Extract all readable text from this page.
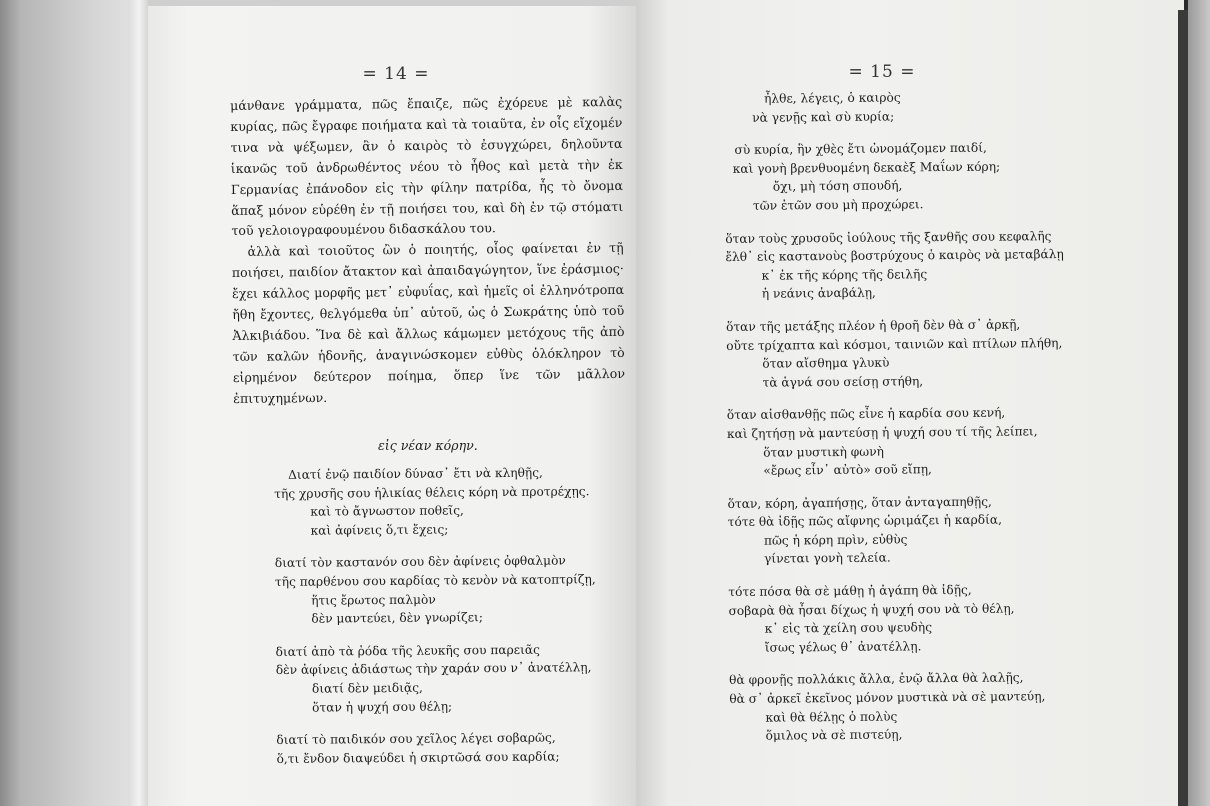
= 14 =

μάνθανε γράμματα, πῶς ἔπαιζε, πῶς ἐχόρευε μὲ καλὰς κυρίας, πῶς ἔγραφε ποιήματα καὶ τὰ τοιαῦτα, ἐν οἷς εἴχομέν τινα νὰ ψέξωμεν, ἂν ὁ καιρὸς τὸ ἐσυγχώρει, δηλοῦντα ἱκανῶς τοῦ ἀνδρωθέντος νέου τὸ ἦθος καὶ μετὰ τὴν ἐκ Γερμανίας ἐπάνοδον εἰς τὴν φίλην πατρίδα, ἧς τὸ ὄνομα ἅπαξ μόνον εὑρέθη ἐν τῇ ποιήσει του, καὶ δὴ ἐν τῷ στόματι τοῦ γελοιογραφουμένου διδασκάλου του.

ἀλλὰ καὶ τοιοῦτος ὢν ὁ ποιητής, οἷος φαίνεται ἐν τῇ ποιήσει, παιδίον ἄτακτον καὶ ἀπαιδαγώγητον, ἵνε ἐράσμιος· ἔχει κάλλος μορφῆς μετ᾽ εὐφυΐας, καὶ ἡμεῖς οἱ ἐλληνότροπα ἤθη ἔχοντες, θελγόμεθα ὑπ᾽ αὐτοῦ, ὡς ὁ Σωκράτης ὑπὸ τοῦ Ἀλκιβιάδου. Ἵνα δὲ καὶ ἄλλως κάμωμεν μετόχους τῆς ἀπὸ τῶν καλῶν ἡδονῆς, ἀναγινώσκομεν εὐθὺς ὁλόκληρον τὸ εἰρημένον δεύτερον ποίημα, ὅπερ ἵνε τῶν μᾶλλον ἐπιτυχημένων.

εἰς νέαν κόρην.
Διατί ἐνῷ παιδίον δύνασ᾽ ἔτι νὰ κληθῇς,
τῆς χρυσῆς σου ἡλικίας θέλεις κόρη νὰ προτρέχῃς.
καὶ τὸ ἄγνωστον ποθεῖς,
καὶ ἀφίνεις ὅ,τι ἔχεις;
διατί τὸν καστανόν σου δὲν ἀφίνεις ὀφθαλμὸν
τῆς παρθένου σου καρδίας τὸ κενὸν νὰ κατοπτρίζῃ,
ἥτις ἔρωτος παλμὸν
δὲν μαντεύει, δὲν γνωρίζει;
διατί ἀπὸ τὰ ῥόδα τῆς λευκῆς σου παρειᾶς
δὲν ἀφίνεις ἀδιάστως τὴν χαράν σου ν᾽ ἀνατέλλῃ,
διατί δὲν μειδιᾷς,
ὅταν ἡ ψυχή σου θέλῃ;
διατί τὸ παιδικόν σου χεῖλος λέγει σοβαρῶς,
ὅ,τι ἔνδον διαψεύδει ἡ σκιρτῶσά σου καρδία;
= 15 =
ἦλθε, λέγεις, ὁ καιρὸς
νὰ γενῇς καὶ σὺ κυρία;
σὺ κυρία, ἣν χθὲς ἔτι ὠνομάζομεν παιδί,
καὶ γονὴ βρενθυομένη δεκαὲξ Μαΐων κόρη;
ὄχι, μὴ τόση σπουδή,
τῶν ἐτῶν σου μὴ προχώρει.
ὅταν τοὺς χρυσοῦς ἰούλους τῆς ξανθῆς σου κεφαλῆς
ἔλθ᾽ εἰς καστανοὺς βοστρύχους ὁ καιρὸς νὰ μεταβάλῃ
κ᾽ ἐκ τῆς κόρης τῆς δειλῆς
ἡ νεάνις ἀναβάλῃ,
ὅταν τῆς μετάξης πλέον ἡ θροῆ δὲν θὰ σ᾽ ἀρκῇ,
οὔτε τρίχαπτα καὶ κόσμοι, ταινιῶν καὶ πτίλων πλήθη,
ὅταν αἴσθημα γλυκὺ
τὰ ἁγνά σου σείσῃ στήθη,
ὅταν αἰσθανθῇς πῶς εἶνε ἡ καρδία σου κενή,
καὶ ζητήσῃ νὰ μαντεύσῃ ἡ ψυχή σου τί τῆς λείπει,
ὅταν μυστικὴ φωνὴ
«ἔρως εἶν᾽ αὐτὸ» σοῦ εἴπῃ,
ὅταν, κόρη, ἀγαπήσῃς, ὅταν ἀνταγαπηθῇς,
τότε θὰ ἰδῇς πῶς αἴφνης ὡριμάζει ἡ καρδία,
πῶς ἡ κόρη πρὶν, εὐθὺς
γίνεται γονὴ τελεία.
τότε πόσα θὰ σὲ μάθῃ ἡ ἀγάπη θὰ ἰδῇς,
σοβαρὰ θὰ ἦσαι δίχως ἡ ψυχή σου νὰ τὸ θέλῃ,
κ᾽ εἰς τὰ χείλη σου ψευδὴς
ἴσως γέλως θ᾽ ἀνατέλλῃ.
θὰ φρονῇς πολλάκις ἄλλα, ἐνῷ ἄλλα θὰ λαλῇς,
θὰ σ᾽ ἀρκεῖ ἐκεῖνος μόνον μυστικὰ νὰ σὲ μαντεύῃ,
καὶ θὰ θέλῃς ὁ πολὺς
ὅμιλος νὰ σὲ πιστεύῃ,
